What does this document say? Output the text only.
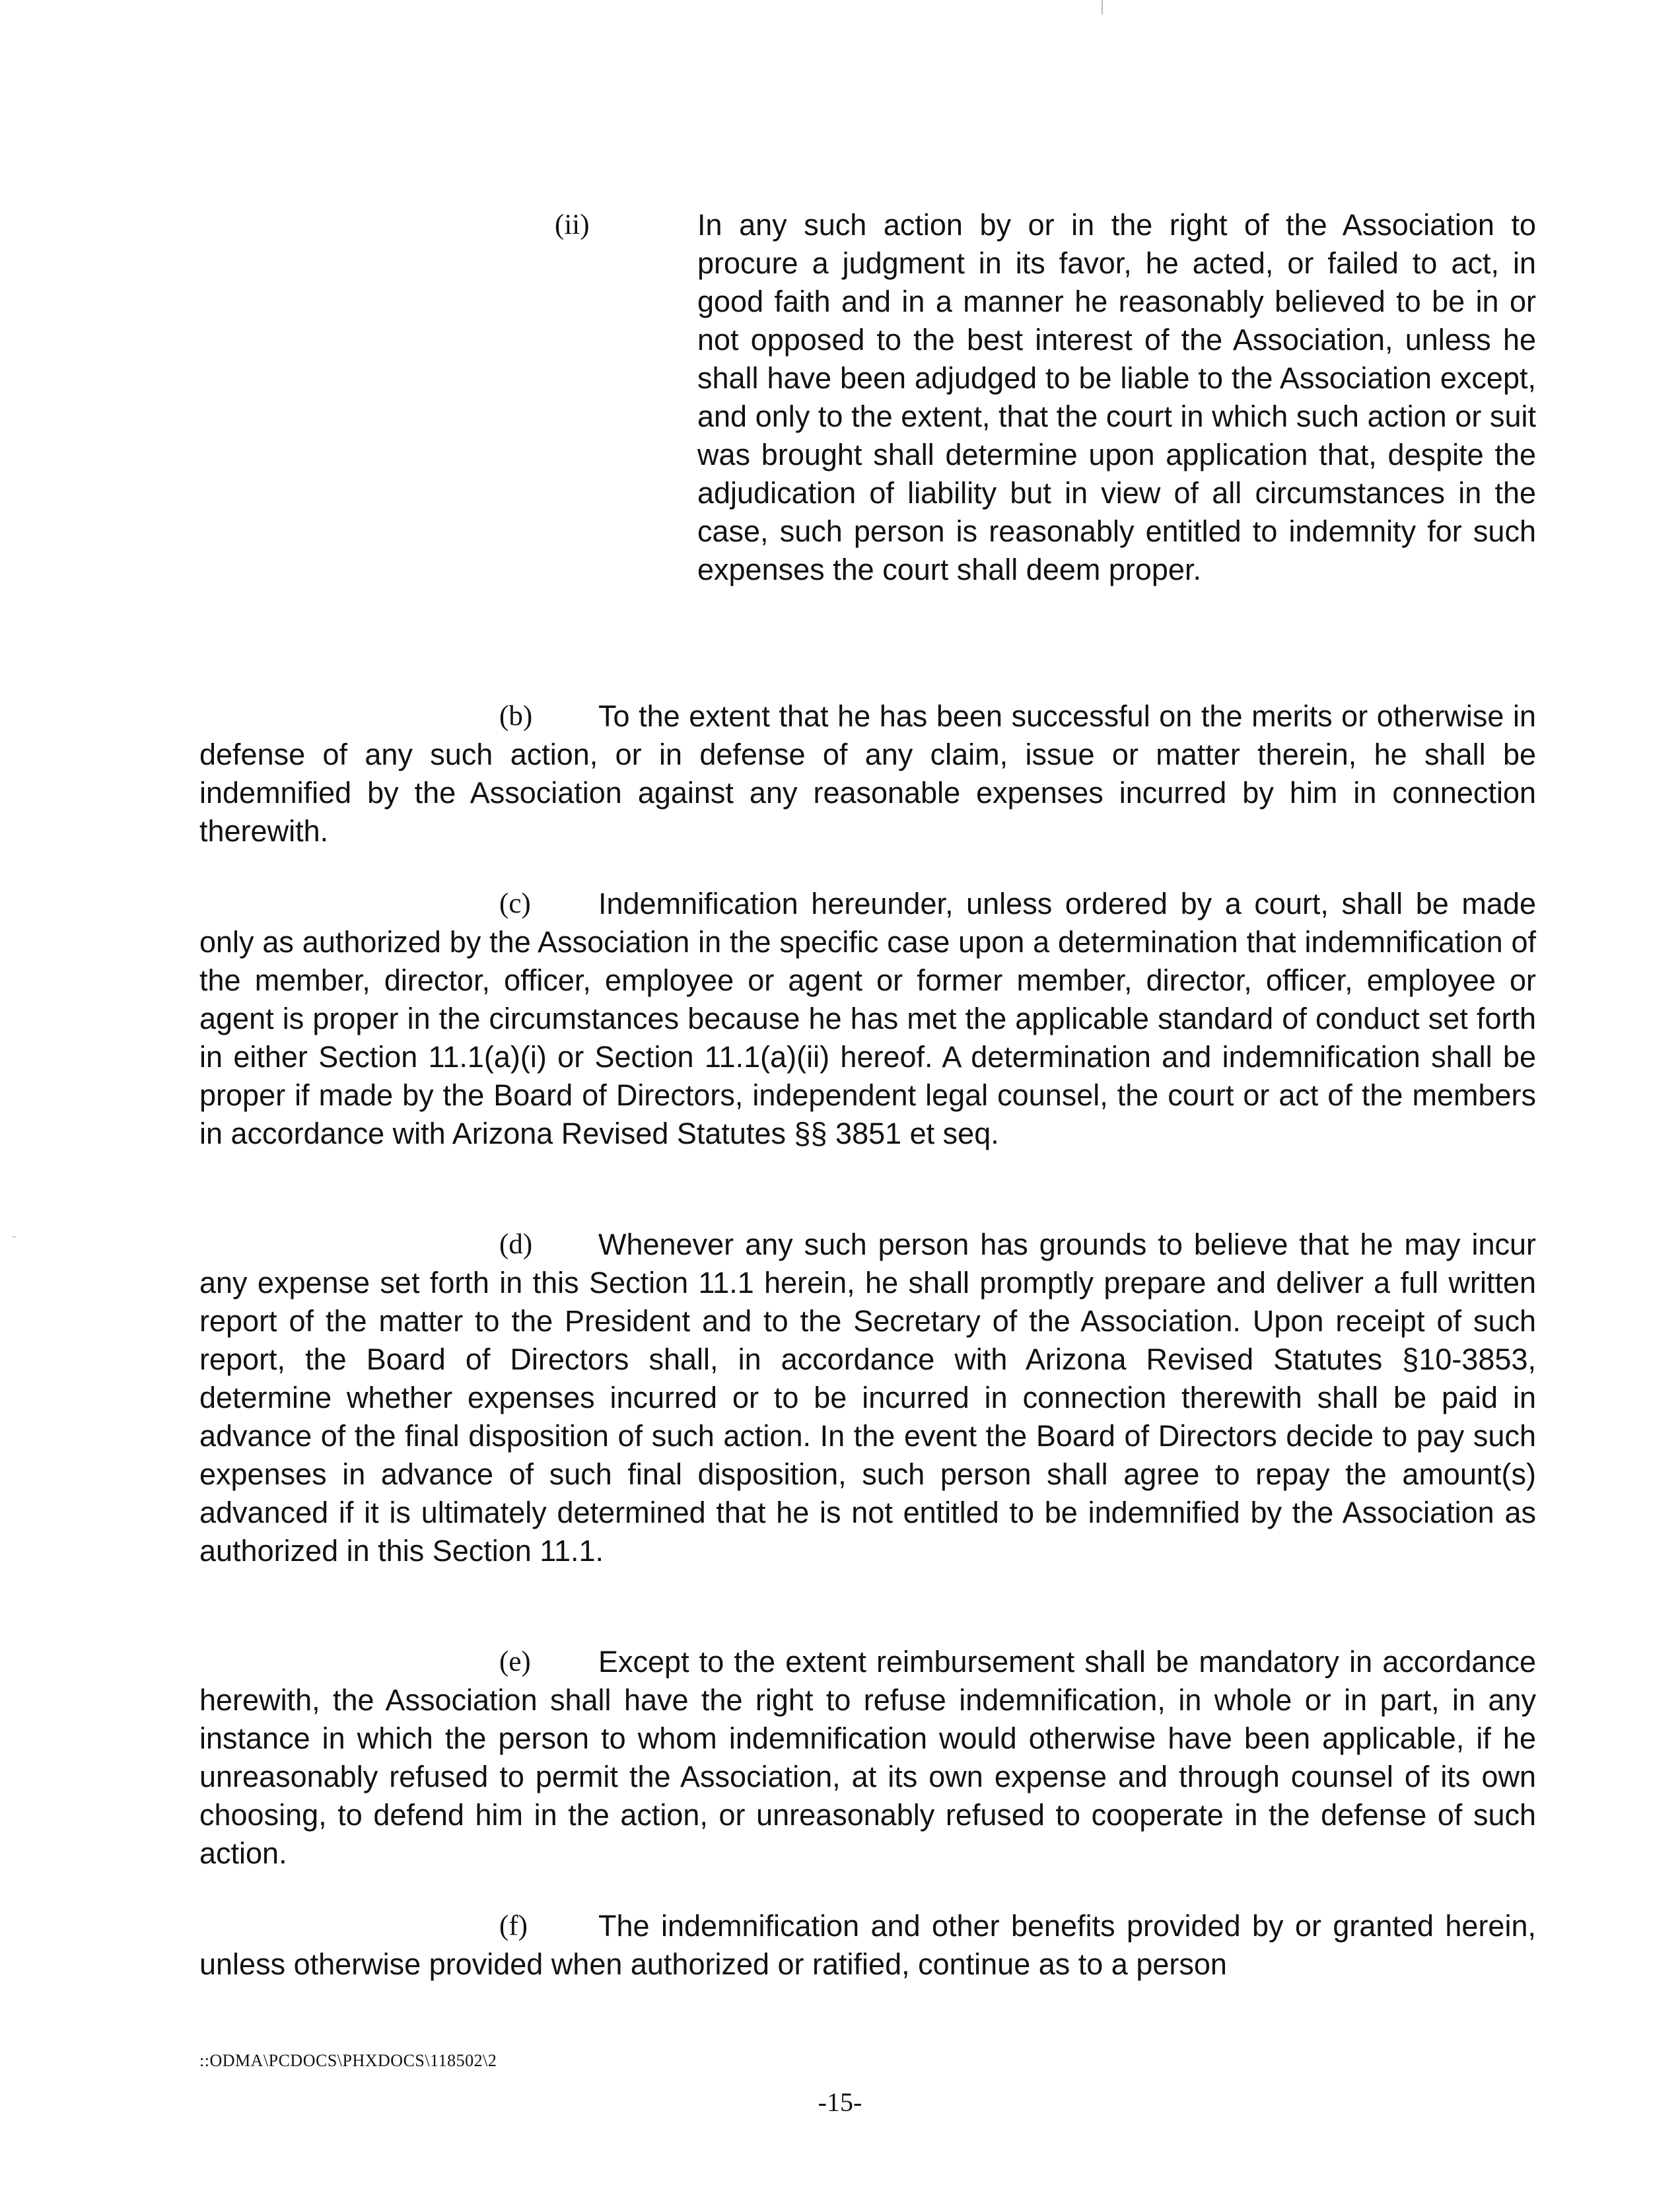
(ii)	In any such action by or in the right of the Association to procure a judgment in its favor, he acted, or failed to act, in good faith and in a manner he reasonably believed to be in or not opposed to the best interest of the Association, unless he shall have been adjudged to be liable to the Association except, and only to the extent, that the court in which such action or suit was brought shall determine upon application that, despite the adjudication of liability but in view of all circumstances in the case, such person is reasonably entitled to indemnity for such expenses the court shall deem proper.

(b)	To the extent that he has been successful on the merits or otherwise in defense of any such action, or in defense of any claim, issue or matter therein, he shall be indemnified by the Association against any reasonable expenses incurred by him in connection therewith.

(c)	Indemnification hereunder, unless ordered by a court, shall be made only as authorized by the Association in the specific case upon a determination that indemnification of the member, director, officer, employee or agent or former member, director, officer, employee or agent is proper in the circumstances because he has met the applicable standard of conduct set forth in either Section 11.1(a)(i) or Section 11.1(a)(ii) hereof. A determination and indemnification shall be proper if made by the Board of Directors, independent legal counsel, the court or act of the members in accordance with Arizona Revised Statutes §§ 3851 et seq.

(d)	Whenever any such person has grounds to believe that he may incur any expense set forth in this Section 11.1 herein, he shall promptly prepare and deliver a full written report of the matter to the President and to the Secretary of the Association. Upon receipt of such report, the Board of Directors shall, in accordance with Arizona Revised Statutes §10-3853, determine whether expenses incurred or to be incurred in connection therewith shall be paid in advance of the final disposition of such action. In the event the Board of Directors decide to pay such expenses in advance of such final disposition, such person shall agree to repay the amount(s) advanced if it is ultimately determined that he is not entitled to be indemnified by the Association as authorized in this Section 11.1.

(e)	Except to the extent reimbursement shall be mandatory in accordance herewith, the Association shall have the right to refuse indemnification, in whole or in part, in any instance in which the person to whom indemnification would otherwise have been applicable, if he unreasonably refused to permit the Association, at its own expense and through counsel of its own choosing, to defend him in the action, or unreasonably refused to cooperate in the defense of such action.

(f)	The indemnification and other benefits provided by or granted herein, unless otherwise provided when authorized or ratified, continue as to a person

::ODMA\PCDOCS\PHXDOCS\118502\2
-15-
